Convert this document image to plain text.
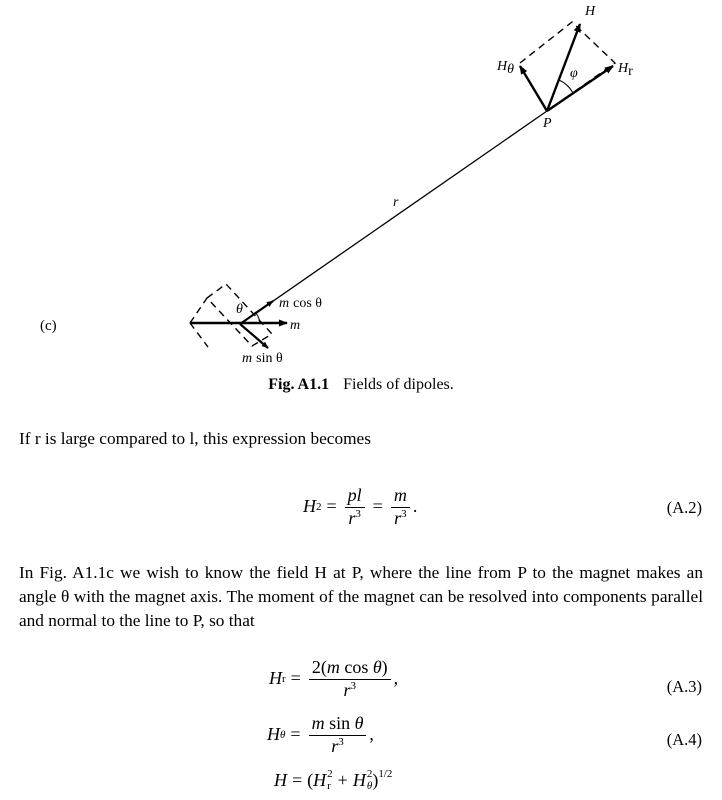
H
Hθ	Hr
φ
P
r
θ	m cos θ
m
m sin θ
(c)
Fig. A1.1 Fields of dipoles.
If r is large compared to l, this expression becomes
H $2 = \frac{pl}{r^3} = \frac{m}{r^3}$ .	(A.2)
In Fig. A1.1c we wish to know the field H at P, where the line from P to the magnet makes an angle θ with the magnet axis. The moment of the magnet can be resolved into components parallel and normal to the line to P, so that
H $r = \frac{\text{2(m cos θ)}}{r^3}$ ,	(A.3)
H $\theta = \frac{\text{m sin θ}}{r^3}$ ,	(A.4)
H = ( H 2
r + H 2
θ )$^{1/2}$
